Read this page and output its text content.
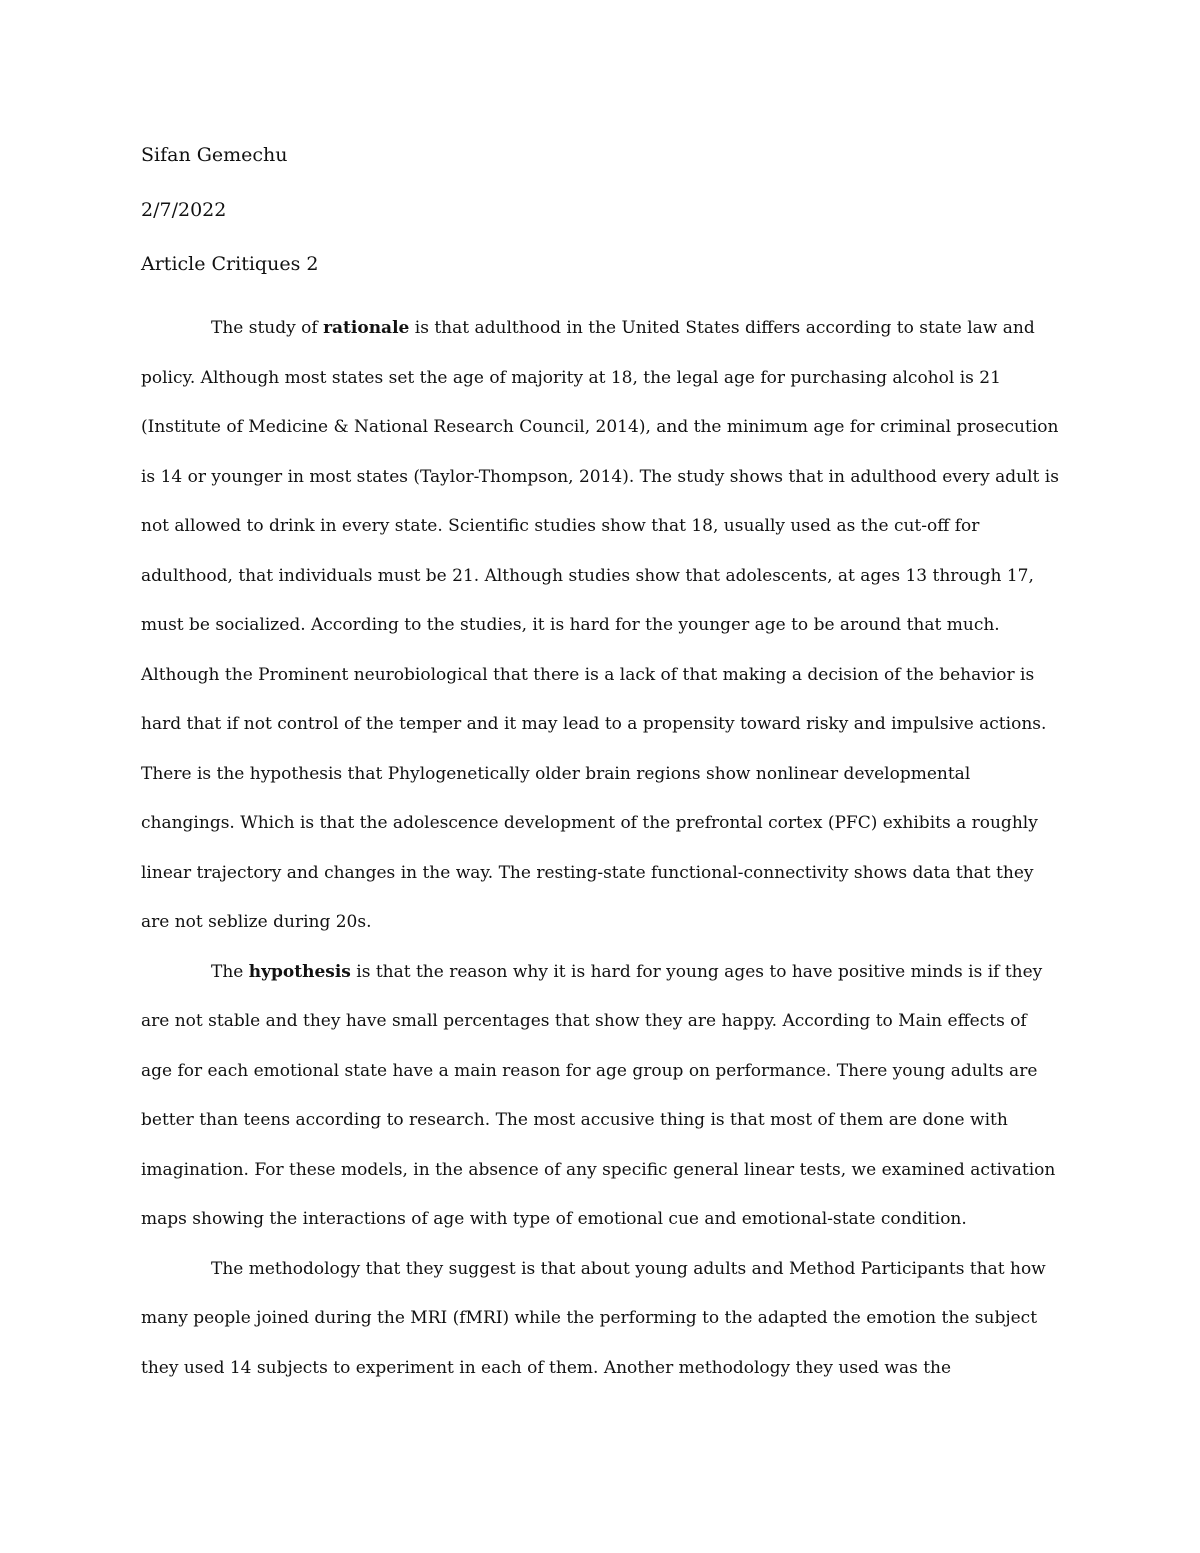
Sifan Gemechu
2/7/2022
Article Critiques 2

The study of rationale is that adulthood in the United States differs according to state law and policy. Although most states set the age of majority at 18, the legal age for purchasing alcohol is 21 (Institute of Medicine & National Research Council, 2014), and the minimum age for criminal prosecution is 14 or younger in most states (Taylor-Thompson, 2014). The study shows that in adulthood every adult is not allowed to drink in every state. Scientific studies show that 18, usually used as the cut-off for adulthood, that individuals must be 21. Although studies show that adolescents, at ages 13 through 17, must be socialized. According to the studies, it is hard for the younger age to be around that much. Although the Prominent neurobiological that there is a lack of that making a decision of the behavior is hard that if not control of the temper and it may lead to a propensity toward risky and impulsive actions. There is the hypothesis that Phylogenetically older brain regions show nonlinear developmental changings. Which is that the adolescence development of the prefrontal cortex (PFC) exhibits a roughly linear trajectory and changes in the way. The resting-state functional-connectivity shows data that they are not seblize during 20s.

The hypothesis is that the reason why it is hard for young ages to have positive minds is if they are not stable and they have small percentages that show they are happy. According to Main effects of age for each emotional state have a main reason for age group on performance. There young adults are better than teens according to research. The most accusive thing is that most of them are done with imagination. For these models, in the absence of any specific general linear tests, we examined activation maps showing the interactions of age with type of emotional cue and emotional-state condition.

The methodology that they suggest is that about young adults and Method Participants that how many people joined during the MRI (fMRI) while the performing to the adapted the emotion the subject they used 14 subjects to experiment in each of them. Another methodology they used was the
